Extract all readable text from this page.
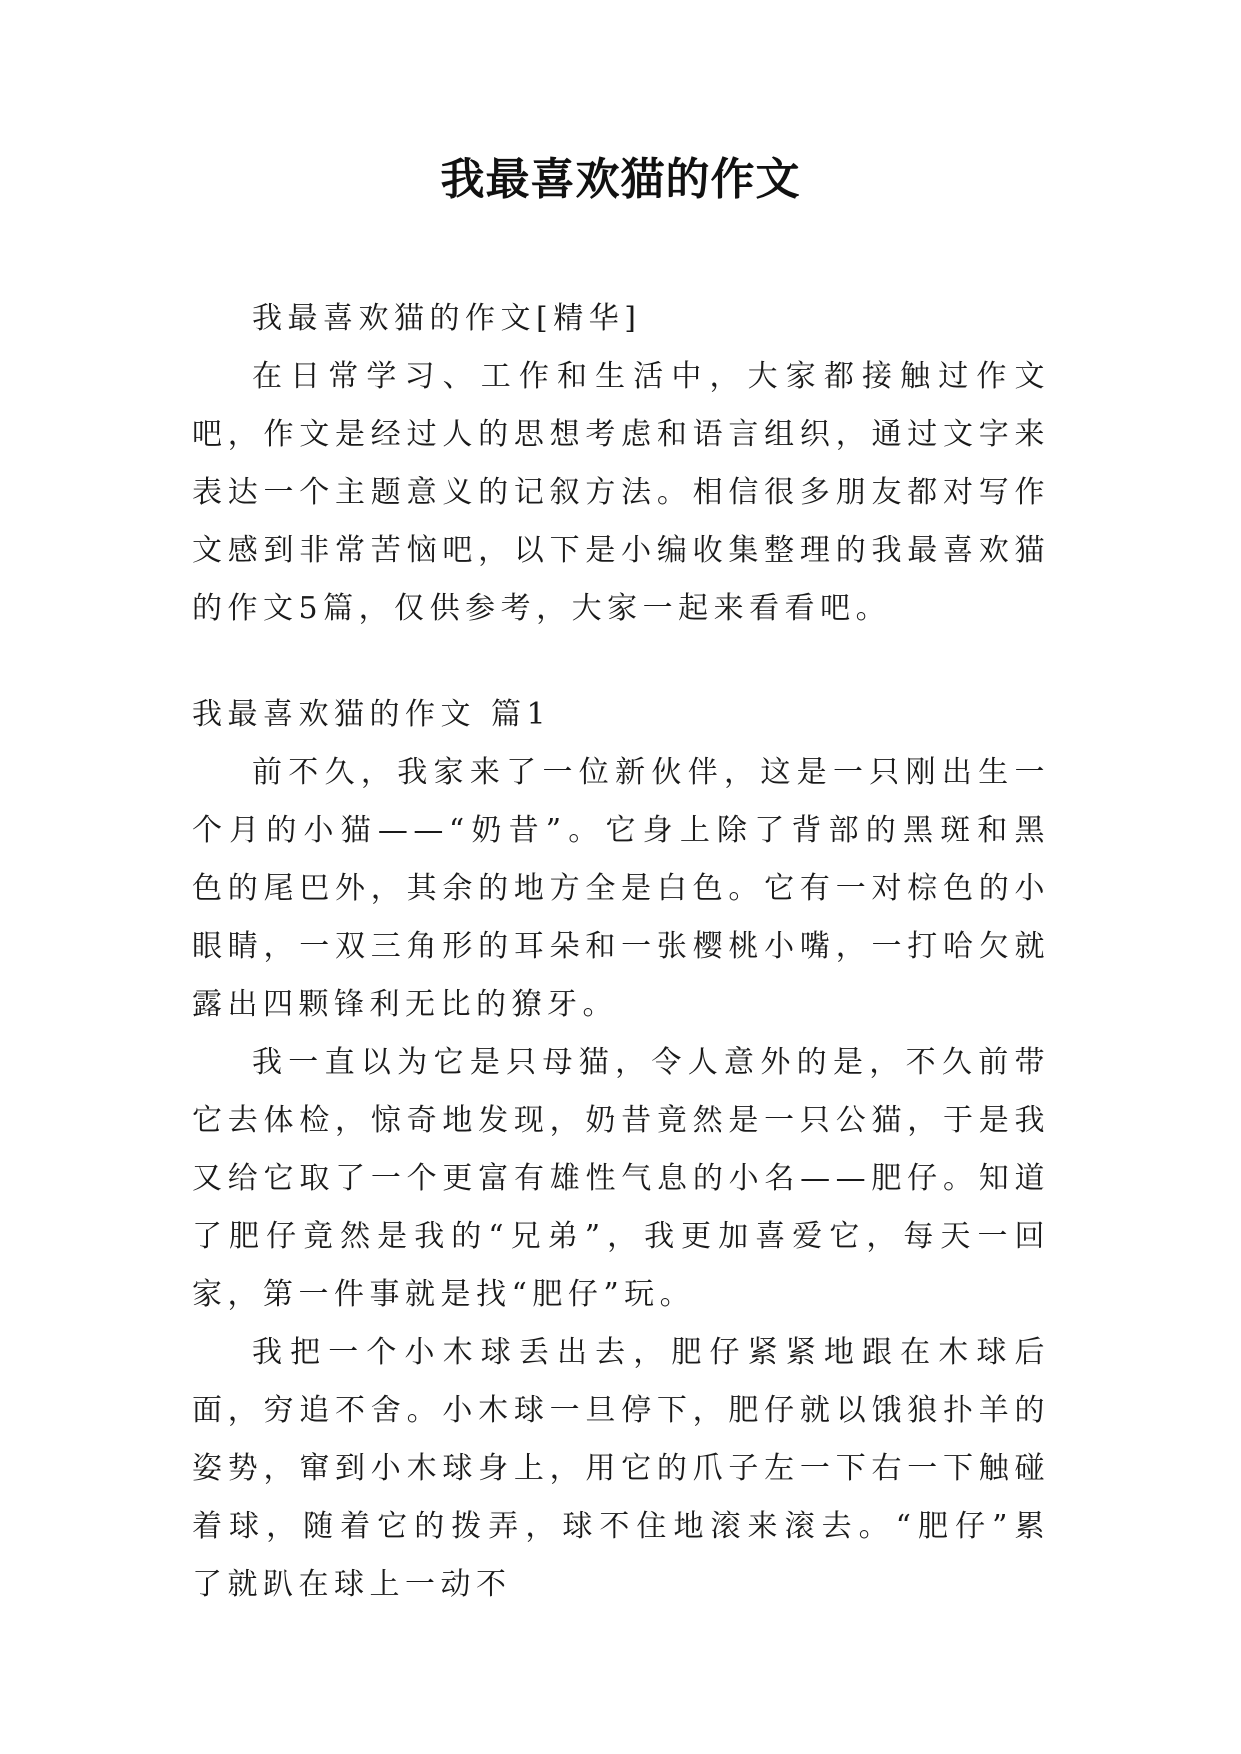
我最喜欢猫的作文

我最喜欢猫的作文[精华]

在日常学习、工作和生活中，大家都接触过作文吧，作文是经过人的思想考虑和语言组织，通过文字来表达一个主题意义的记叙方法。相信很多朋友都对写作文感到非常苦恼吧，以下是小编收集整理的我最喜欢猫的作文5篇，仅供参考，大家一起来看看吧。

我最喜欢猫的作文 篇1

前不久，我家来了一位新伙伴，这是一只刚出生一个月的小猫——“奶昔”。它身上除了背部的黑斑和黑色的尾巴外，其余的地方全是白色。它有一对棕色的小眼睛，一双三角形的耳朵和一张樱桃小嘴，一打哈欠就露出四颗锋利无比的獠牙。

我一直以为它是只母猫，令人意外的是，不久前带它去体检，惊奇地发现，奶昔竟然是一只公猫，于是我又给它取了一个更富有雄性气息的小名——肥仔。知道了肥仔竟然是我的“兄弟”，我更加喜爱它，每天一回家，第一件事就是找“肥仔”玩。

我把一个小木球丢出去，肥仔紧紧地跟在木球后面，穷追不舍。小木球一旦停下，肥仔就以饿狼扑羊的姿势，窜到小木球身上，用它的爪子左一下右一下触碰着球，随着它的拨弄，球不住地滚来滚去。“肥仔”累了就趴在球上一动不
